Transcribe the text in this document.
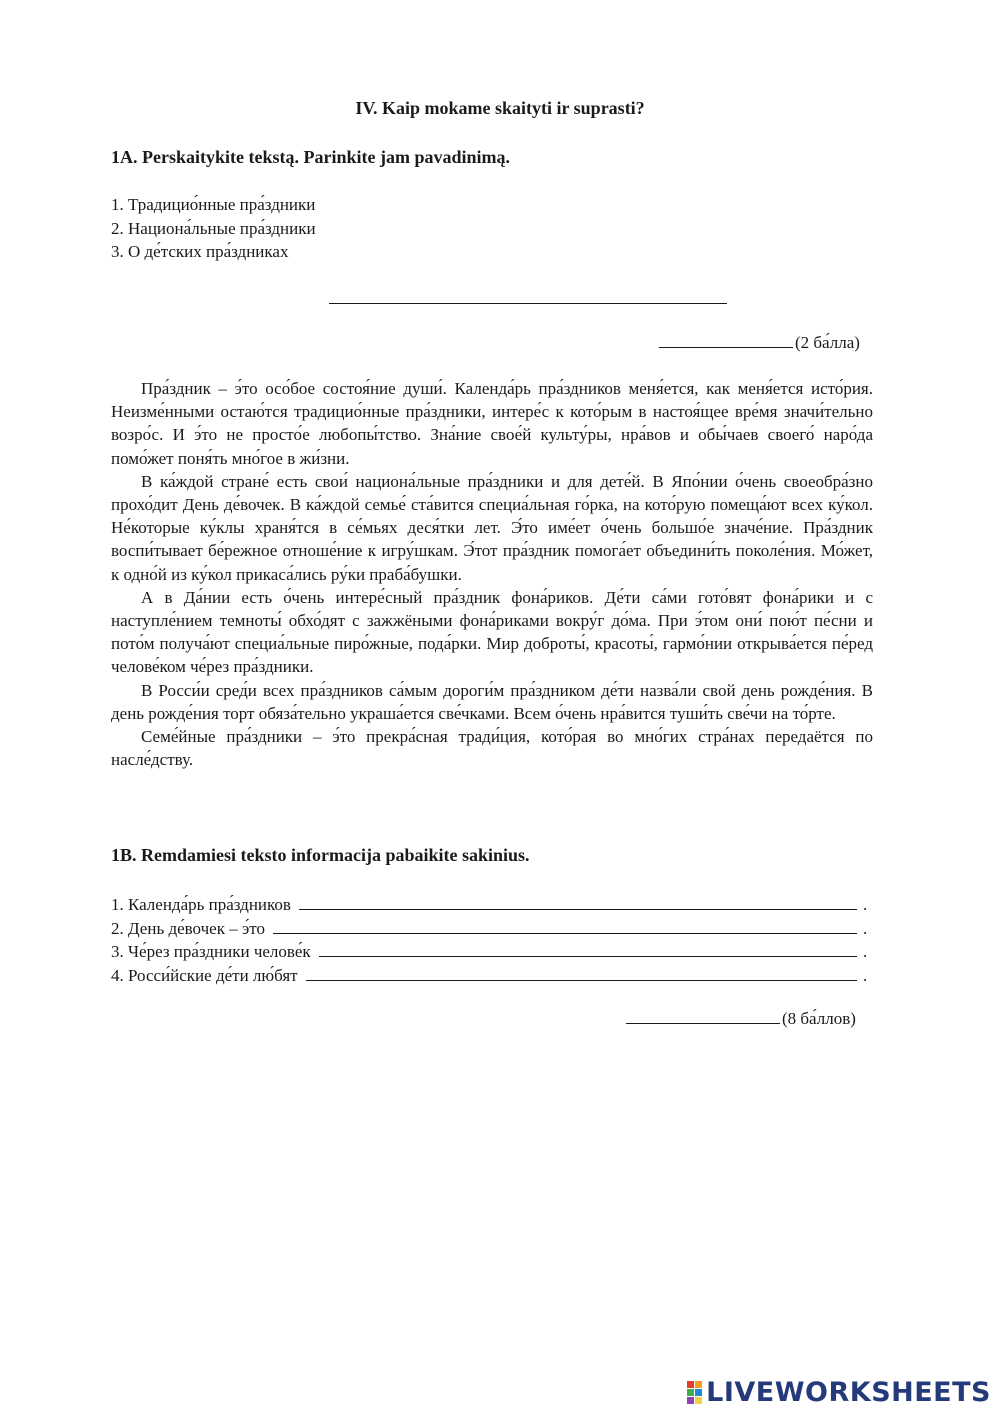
IV. Kaip mokame skaityti ir suprasti?
1A. Perskaitykite tekstą. Parinkite jam pavadinimą.
1. Традицио́нные пра́здники
2. Национа́льные пра́здники
3. О де́тских пра́здниках
(2 ба́лла)

Пра́здник – э́то осо́бое состоя́ние души́. Календа́рь пра́здников меня́ется, как меня́ется исто́рия. Неизме́нными остаю́тся традицио́нные пра́здники, интере́с к кото́рым в настоя́щее вре́мя значи́тельно возро́с. И э́то не просто́е любопы́тство. Зна́ние свое́й культу́ры, нра́вов и обы́чаев своего́ наро́да помо́жет поня́ть мно́гое в жи́зни.

В ка́ждой стране́ есть свои́ национа́льные пра́здники и для дете́й. В Япо́нии о́чень своеобра́зно прохо́дит День де́вочек. В ка́ждой семье́ ста́вится специа́льная го́рка, на кото́рую помеща́ют всех ку́кол. Не́которые ку́клы храня́тся в се́мьях деся́тки лет. Э́то име́ет о́чень большо́е значе́ние. Пра́здник воспи́тывает бе́режное отноше́ние к игру́шкам. Э́тот пра́здник помога́ет объедини́ть поколе́ния. Мо́жет, к одно́й из ку́кол прикаса́лись ру́ки праба́бушки.

А в Да́нии есть о́чень интере́сный пра́здник фона́риков. Де́ти са́ми гото́вят фона́рики и с наступле́нием темноты́ обхо́дят с зажжёными фона́риками вокру́г до́ма. При э́том они́ пою́т пе́сни и пото́м получа́ют специа́льные пиро́жные, пода́рки. Мир доброты́, красоты́, гармо́нии открыва́ется пе́ред челове́ком че́рез пра́здники.

В Росси́и сред́и всех пра́здников са́мым дороги́м пра́здником де́ти назва́ли свой день рожде́ния. В день рожде́ния торт обяза́тельно украша́ется све́чками. Всем о́чень нра́вится туши́ть све́чи на то́рте.

Семе́йные пра́здники – э́то прекра́сная тради́ция, кото́рая во мно́гих стра́нах передаётся по насле́дству.

1B. Remdamiesi teksto informacija pabaikite sakinius.
1. Календа́рь пра́здников	.
2. День де́вочек – э́то	.
3. Че́рез пра́здники челове́к	.
4. Росси́йские де́ти лю́бят	.
(8 ба́ллов)
LIVEWORKSHEETS
